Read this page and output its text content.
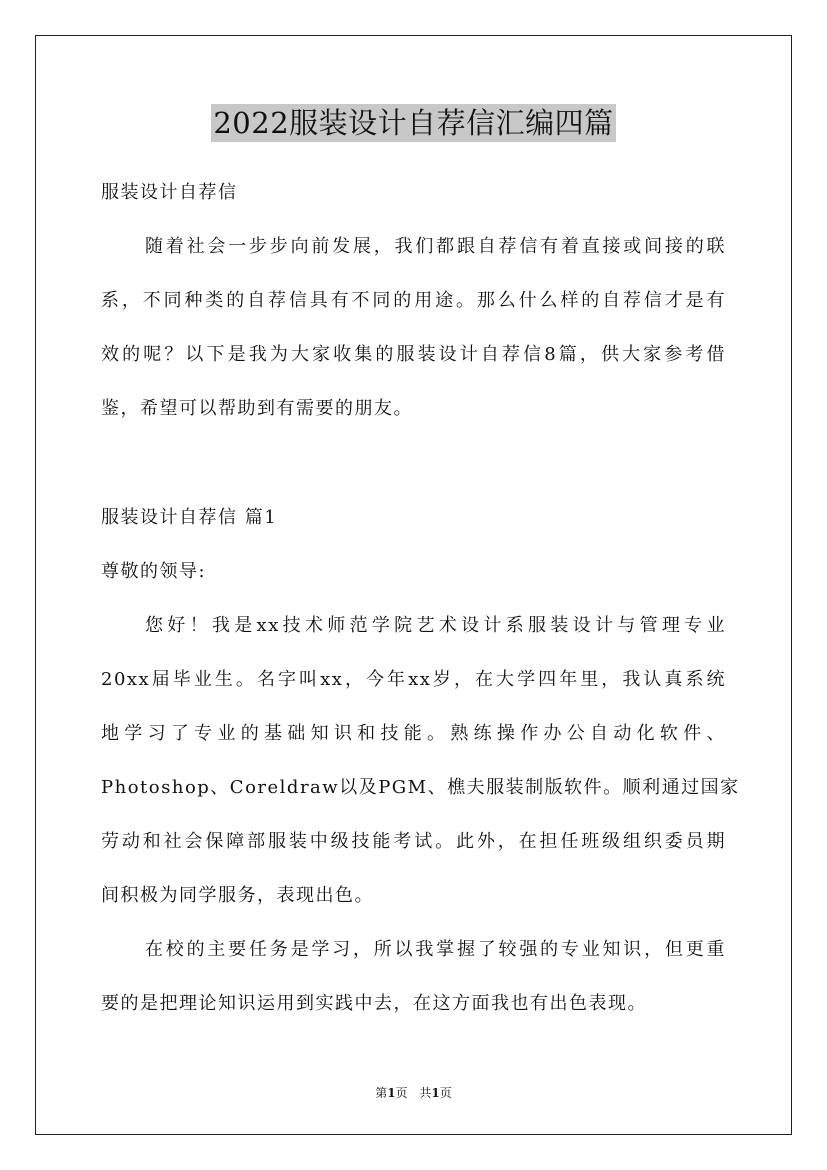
2022服装设计自荐信汇编四篇
服装设计自荐信
随着社会一步步向前发展，我们都跟自荐信有着直接或间接的联
系，不同种类的自荐信具有不同的用途。那么什么样的自荐信才是有
效的呢？以下是我为大家收集的服装设计自荐信8篇，供大家参考借
鉴，希望可以帮助到有需要的朋友。
服装设计自荐信 篇1
尊敬的领导:
您好！我是xx技术师范学院艺术设计系服装设计与管理专业
20xx届毕业生。名字叫xx，今年xx岁，在大学四年里，我认真系统
地学习了专业的基础知识和技能。熟练操作办公自动化软件、
Photoshop、Coreldraw以及PGM、樵夫服装制版软件。顺利通过国家
劳动和社会保障部服装中级技能考试。此外，在担任班级组织委员期
间积极为同学服务，表现出色。
在校的主要任务是学习，所以我掌握了较强的专业知识，但更重
要的是把理论知识运用到实践中去，在这方面我也有出色表现。
第1页 共1页
